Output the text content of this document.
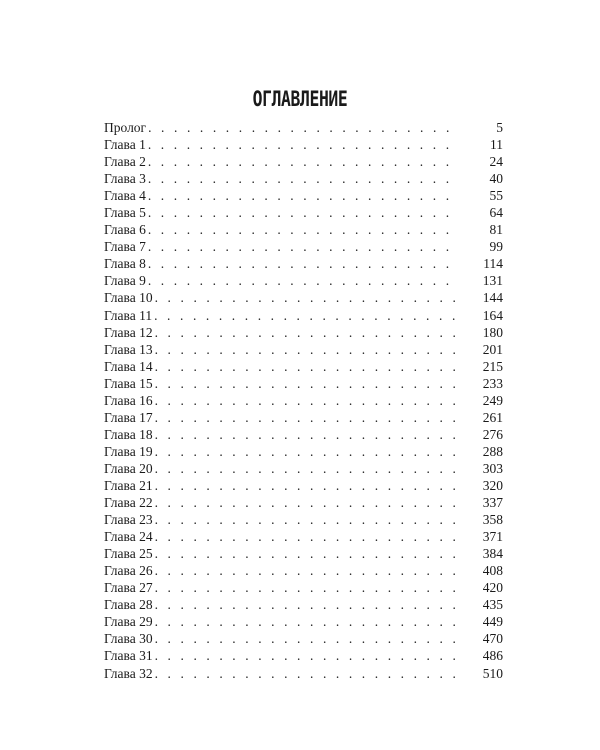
ОГЛАВЛЕНИЕ
Пролог . . .	5
Глава 1 . . .	11
Глава 2 . . .	24
Глава 3 . . .	40
Глава 4 . . .	55
Глава 5 . . .	64
Глава 6 . . .	81
Глава 7 . . .	99
Глава 8 . . .	114
Глава 9 . . .	131
Глава 10 . . .	144
Глава 11 . . .	164
Глава 12 . . .	180
Глава 13 . . .	201
Глава 14 . . .	215
Глава 15 . . .	233
Глава 16 . . .	249
Глава 17 . . .	261
Глава 18 . . .	276
Глава 19 . . .	288
Глава 20 . . .	303
Глава 21 . . .	320
Глава 22 . . .	337
Глава 23 . . .	358
Глава 24 . . .	371
Глава 25 . . .	384
Глава 26 . . .	408
Глава 27 . . .	420
Глава 28 . . .	435
Глава 29 . . .	449
Глава 30 . . .	470
Глава 31 . . .	486
Глава 32 . . .	510
